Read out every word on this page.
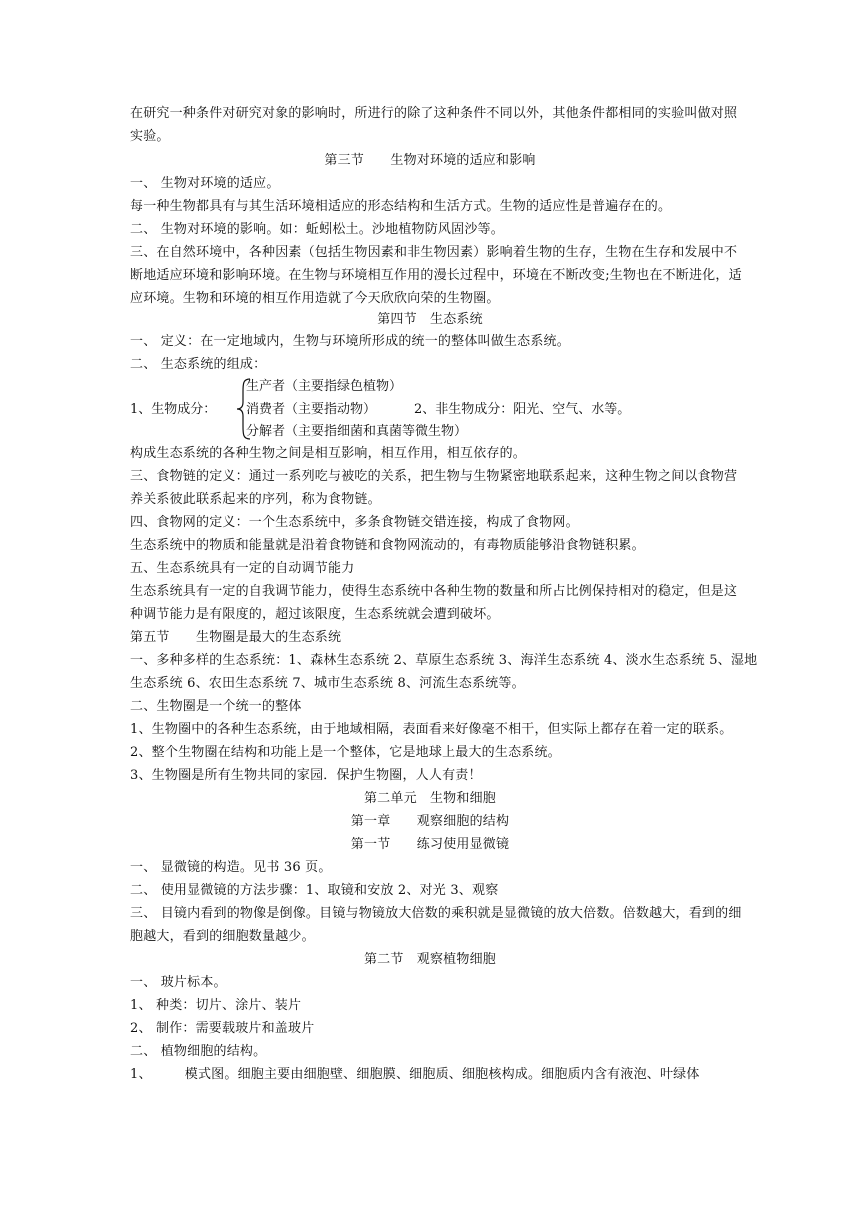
在研究一种条件对研究对象的影响时，所进行的除了这种条件不同以外，其他条件都相同的实验叫做对照
实验。
第三节　　生物对环境的适应和影响
一、 生物对环境的适应。
每一种生物都具有与其生活环境相适应的形态结构和生活方式。生物的适应性是普遍存在的。
二、 生物对环境的影响。如：蚯蚓松土。沙地植物防风固沙等。
三、在自然环境中，各种因素（包括生物因素和非生物因素）影响着生物的生存，生物在生存和发展中不
断地适应环境和影响环境。在生物与环境相互作用的漫长过程中，环境在不断改变;生物也在不断进化，适
应环境。生物和环境的相互作用造就了今天欣欣向荣的生物圈。
第四节　生态系统
一、 定义：在一定地域内，生物与环境所形成的统一的整体叫做生态系统。
二、 生态系统的组成：
生产者（主要指绿色植物）
1、生物成分： 消费者（主要指动物）	2、非生物成分：阳光、空气、水等。
分解者（主要指细菌和真菌等微生物）
构成生态系统的各种生物之间是相互影响，相互作用，相互依存的。
三、食物链的定义：通过一系列吃与被吃的关系，把生物与生物紧密地联系起来，这种生物之间以食物营
养关系彼此联系起来的序列，称为食物链。
四、食物网的定义：一个生态系统中，多条食物链交错连接，构成了食物网。
生态系统中的物质和能量就是沿着食物链和食物网流动的，有毒物质能够沿食物链积累。
五、生态系统具有一定的自动调节能力
生态系统具有一定的自我调节能力，使得生态系统中各种生物的数量和所占比例保持相对的稳定，但是这
种调节能力是有限度的，超过该限度，生态系统就会遭到破坏。
第五节　　生物圈是最大的生态系统
一、多种多样的生态系统：1、森林生态系统 2、草原生态系统 3、海洋生态系统 4、淡水生态系统 5、湿地
生态系统 6、农田生态系统 7、城市生态系统 8、河流生态系统等。
二、生物圈是一个统一的整体
1、生物圈中的各种生态系统，由于地域相隔，表面看来好像毫不相干，但实际上都存在着一定的联系。
2、整个生物圈在结构和功能上是一个整体，它是地球上最大的生态系统。
3、生物圈是所有生物共同的家园．保护生物圈，人人有责！
第二单元　生物和细胞
第一章　　观察细胞的结构
第一节　　练习使用显微镜
一、 显微镜的构造。见书 36 页。
二、 使用显微镜的方法步骤：1、取镜和安放 2、对光 3、观察
三、 目镜内看到的物像是倒像。目镜与物镜放大倍数的乘积就是显微镜的放大倍数。倍数越大，看到的细
胞越大，看到的细胞数量越少。
第二节　观察植物细胞
一、 玻片标本。
1、 种类：切片、涂片、装片
2、 制作：需要载玻片和盖玻片
二、 植物细胞的结构。
1、　　　模式图。细胞主要由细胞壁、细胞膜、细胞质、细胞核构成。细胞质内含有液泡、叶绿体
